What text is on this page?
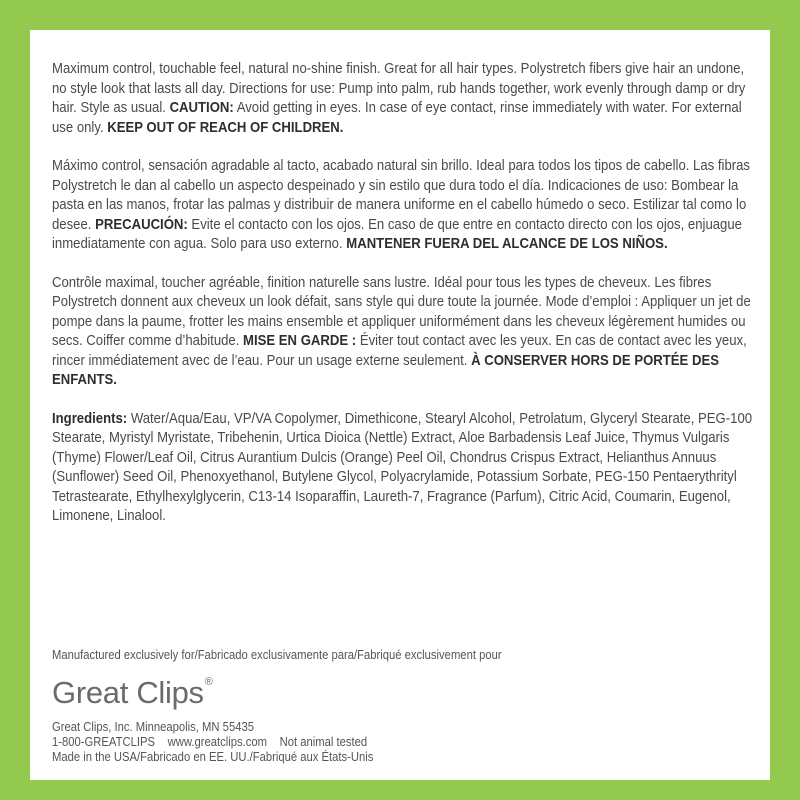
Maximum control, touchable feel, natural no-shine finish. Great for all hair types. Polystretch fibers give hair an undone, no style look that lasts all day. Directions for use: Pump into palm, rub hands together, work evenly through damp or dry hair. Style as usual. CAUTION: Avoid getting in eyes. In case of eye contact, rinse immediately with water. For external use only. KEEP OUT OF REACH OF CHILDREN.

Máximo control, sensación agradable al tacto, acabado natural sin brillo. Ideal para todos los tipos de cabello. Las fibras Polystretch le dan al cabello un aspecto despeinado y sin estilo que dura todo el día. Indicaciones de uso: Bombear la pasta en las manos, frotar las palmas y distribuir de manera uniforme en el cabello húmedo o seco. Estilizar tal como lo desee. PRECAUCIÓN: Evite el contacto con los ojos. En caso de que entre en contacto directo con los ojos, enjuague inmediatamente con agua. Solo para uso externo. MANTENER FUERA DEL ALCANCE DE LOS NIÑOS.

Contrôle maximal, toucher agréable, finition naturelle sans lustre. Idéal pour tous les types de cheveux. Les fibres Polystretch donnent aux cheveux un look défait, sans style qui dure toute la journée. Mode d’emploi : Appliquer un jet de pompe dans la paume, frotter les mains ensemble et appliquer uniformément dans les cheveux légèrement humides ou secs. Coiffer comme d’habitude. MISE EN GARDE : Éviter tout contact avec les yeux. En cas de contact avec les yeux, rincer immédiatement avec de l’eau. Pour un usage externe seulement. À CONSERVER HORS DE PORTÉE DES ENFANTS.

Ingredients: Water/Aqua/Eau, VP/VA Copolymer, Dimethicone, Stearyl Alcohol, Petrolatum, Glyceryl Stearate, PEG-100 Stearate, Myristyl Myristate, Tribehenin, Urtica Dioica (Nettle) Extract, Aloe Barbadensis Leaf Juice, Thymus Vulgaris (Thyme) Flower/Leaf Oil, Citrus Aurantium Dulcis (Orange) Peel Oil, Chondrus Crispus Extract, Helianthus Annuus (Sunflower) Seed Oil, Phenoxyethanol, Butylene Glycol, Polyacrylamide, Potassium Sorbate, PEG-150 Pentaerythrityl Tetrastearate, Ethylhexylglycerin, C13-14 Isoparaffin, Laureth-7, Fragrance (Parfum), Citric Acid, Coumarin, Eugenol, Limonene, Linalool.

Manufactured exclusively for/Fabricado exclusivamente para/Fabriqué exclusivement pour
Great Clips®
Great Clips, Inc. Minneapolis, MN 55435
1-800-GREATCLIPS www.greatclips.com Not animal tested
Made in the USA/Fabricado en EE. UU./Fabriqué aux États-Unis
